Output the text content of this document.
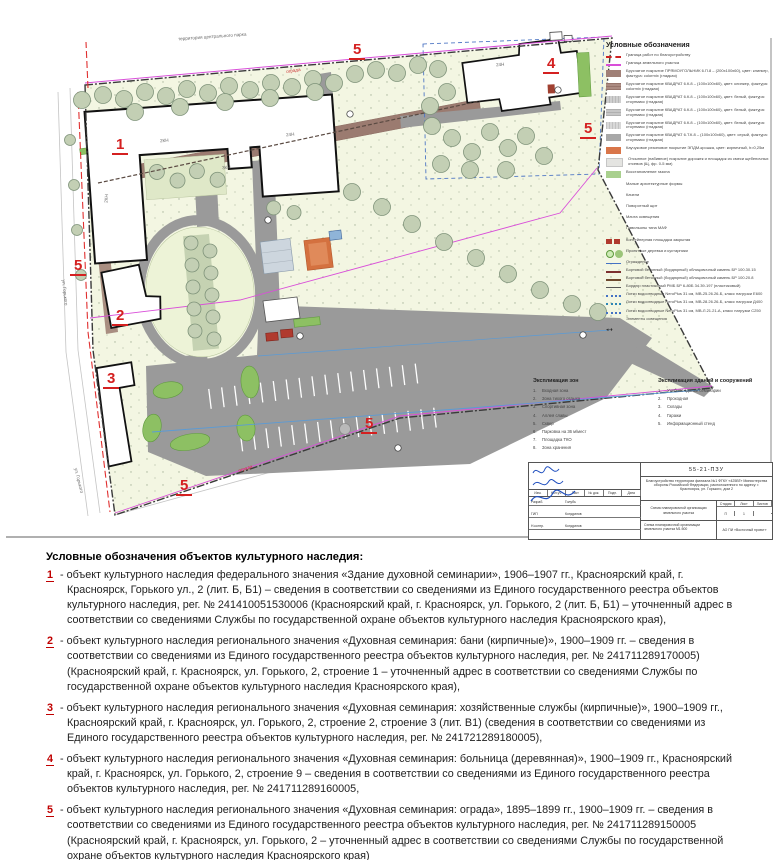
1
2
3
4
5
5
5
5
5
территория центрального парка
ул. Горького
ул. Горького
2КН
24Н
3КН
2КН
24Н
ограда
ограда
Условные обозначения
Граница работ по благоустройству
Граница земельного участка
Брусчатое покрытие ПРЯМОУГОЛЬНИК 6.П.8 – (200х100х60), цвет: клинкер, фактура: colormix (гладкая)
Брусчатое покрытие КВАДРАТ 6.К.8 – (100х100х60), цвет: клинкер, фактура: colormix (гладкая)
Брусчатое покрытие КВАДРАТ 6.К.8 – (100х100х60), цвет: белый, фактура: стоунмикс (гладкая)
Брусчатое покрытие КВАДРАТ 6.К.8 – (100х100х60), цвет: белый, фактура: стоунмикс (гладкая)
Брусчатое покрытие КВАДРАТ 6.К.8 – (100х100х60), цвет: белый, фактура: стоунмикс (гладкая)
Брусчатое покрытие КВАДРАТ 6.Т.К.8 – (100х100х60), цвет: серый, фактура: стоунмикс (гладкая)
Каучуковое резиновое покрытие ЭПДМ-крошка, цвет: кирпичный, h=0,25м
Отсыпное (набивное) покрытие дорожек и площадок из смеси щебеночных отсевов (Щ, фр. 0-5 мм)
Восстановление газона
Малые архитектурные формы
Качели
Поворотный щит
Мачта освещения
Павильоны типа МАФ
Контейнерная площадка закрытая
Проектные деревья и кустарники
Ограждение
Бортовой бетонный (бордюрный) облицовочный камень БР 100.30.15
Бортовой бетонный (бордюрный) облицовочный камень БР 100.20.8
Бордюр пластиковый РМБ БР 6-80Б 34.39-197 (пластиковый)
Лотки водоотводные NeroPlus 31 см, МВ-25.26.26-Б, класс нагрузки Е600
Лотки водоотводные NeroPlus 31 см, МВ-28.26.26-Б, класс нагрузки Д400
Лотки водоотводные NeroPlus 31 см, МВ-Л.21.21-А, класс нагрузки С250
◂-♦
Элементы освещения
Экспликация зон
1.	Входная зона
2.	Зона тихого отдыха
3.	Спортивная зона
4.	Аллея славы
5.	Сквер
6.	Парковка на 36 м/мест
7.	Площадка ТКО
8.	Зона хранения
Экспликация зданий и сооружений
1.	Учебное здание семинарии
2.	Проходная
3.	Склады
4.	Гаражи
5.	Информационный стенд
Изм.	Кол.уч.	Лист	№ док.	Подп.	Дата
Разраб.	Голубь
ГИП	Кондратов
Н.контр.	Кондратов
55-21-ПЗУ
Благоустройство территории филиала №1 ФГКУ «425ВГ» Министерства обороны Российской Федерации, расположенного по адресу: г. Красноярск, ул. Горького, дом 2
Схема планировочной организации земельного участка
Стадия	Лист	Листов
П	1
Схема планировочной организации земельного участка М1:500	АО ПИ «Восточный проект»

Условные обозначения объектов культурного наследия:

1 - объект культурного наследия федерального значения «Здание духовной семинарии», 1906–1907 гг., Красноярский край, г. Красноярск, Горького ул., 2 (лит. Б, Б1) – сведения в соответствии со сведениями из Единого государственного реестра объектов культурного наследия, рег. № 241410051530006 (Красноярский край, г. Красноярск, ул. Горького, 2 (лит. Б, Б1) – уточненный адрес в соответствии со сведениями Службы по государственной охране объектов культурного наследия Красноярского края),

2 - объект культурного наследия регионального значения «Духовная семинария: бани (кирпичные)», 1900–1909 гг. – сведения в соответствии со сведениями из Единого государственного реестра объектов культурного наследия, рег. № 241711289170005) (Красноярский край, г. Красноярск, ул. Горького, 2, строение 1 – уточненный адрес в соответствии со сведениями Службы по государственной охране объектов культурного наследия Красноярского края),

3 - объект культурного наследия регионального значения «Духовная семинария: хозяйственные службы (кирпичные)», 1900–1909 гг., Красноярский край, г. Красноярск, ул. Горького, 2, строение 2, строение 3 (лит. В1) (сведения в соответствии со сведениями из Единого государственного реестра объектов культурного наследия, рег. № 241721289180005),

4 - объект культурного наследия регионального значения «Духовная семинария: больница (деревянная)», 1900–1909 гг., Красноярский край, г. Красноярск, ул. Горького, 2, строение 9 – сведения в соответствии со сведениями из Единого государственного реестра объектов культурного наследия, рег. № 241711289160005,

5 - объект культурного наследия регионального значения «Духовная семинария: ограда», 1895–1899 гг., 1900–1909 гг. – сведения в соответствии со сведениями из Единого государственного реестра объектов культурного наследия, рег. № 241711289150005 (Красноярский край, г. Красноярск, ул. Горького, 2 – уточненный адрес в соответствии со сведениями Службы по государственной охране объектов культурного наследия Красноярского края)
